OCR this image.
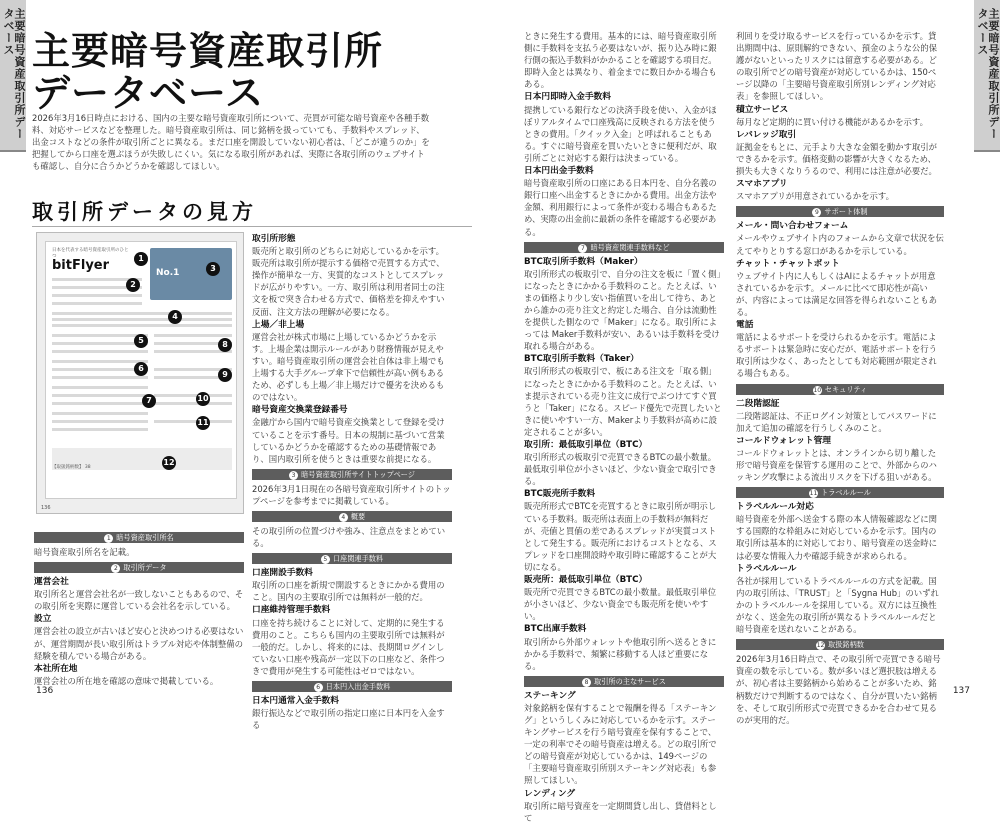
主要暗号資産取引所データベース	主要暗号資産取引所データベース
主要暗号資産取引所
データベース
2026年3月16日時点における、国内の主要な暗号資産取引所について、売買が可能な暗号資産や各種手数料、対応サービスなどを整理した。暗号資産取引所は、同じ銘柄を扱っていても、手数料やスプレッド、出金コストなどの条件が取引所ごとに異なる。まだ口座を開設していない初心者は、「どこが違うのか」を把握してから口座を選ぶほうが失敗しにくい。気になる取引所があれば、実際に各取引所のウェブサイトも確認し、自分に合うかどうかを確認してほしい。
取引所データの見方
日本を代表する暗号資産取引所のひとつ
bitFlyer	No.1
【取扱銘柄数】 38
1
2
3
4
5
6
7
8
9
10
11
12
136
1 暗号資産取引所名

暗号資産取引所名を記載。

2 取引所データ
運営会社

取引所名と運営会社名が一致しないこともあるので、その取引所を実際に運営している会社名を示している。

設立

運営会社の設立が古いほど安心と決めつける必要はないが、運営期間が長い取引所はトラブル対応や体制整備の経験を積んでいる場合がある。

本社所在地

運営会社の所在地を確認の意味で掲載している。

取引所形態

販売所と取引所のどちらに対応しているかを示す。販売所は取引所が提示する価格で売買する方式で、操作が簡単な一方、実質的なコストとしてスプレッドが広がりやすい。一方、取引所は利用者同士の注文を板で突き合わせる方式で、価格差を抑えやすい反面、注文方法の理解が必要になる。

上場／非上場

運営会社が株式市場に上場しているかどうかを示す。上場企業は開示ルールがあり財務情報が見えやすい。暗号資産取引所の運営会社自体は非上場でも上場する大手グループ傘下で信頼性が高い例もあるため、必ずしも上場／非上場だけで優劣を決めるものではない。

暗号資産交換業登録番号

金融庁から国内で暗号資産交換業として登録を受けていることを示す番号。日本の規制に基づいて営業しているかどうかを確認するための基礎情報であり、国内取引所を使うときは重要な前提になる。

3 暗号資産取引所サイトトップページ

2026年3月1日現在の各暗号資産取引所サイトのトップページを参考までに掲載している。

4 概要

その取引所の位置づけや強み、注意点をまとめている。

5 口座関連手数料
口座開設手数料

取引所の口座を新規で開設するときにかかる費用のこと。国内の主要取引所では無料が一般的だ。

口座維持管理手数料

口座を持ち続けることに対して、定期的に発生する費用のこと。こちらも国内の主要取引所では無料が一般的だ。しかし、将来的には、長期間ログインしていない口座や残高が一定以下の口座など、条件つきで費用が発生する可能性はゼロではない。

6 日本円入出金手数料
日本円通常入金手数料

銀行振込などで取引所の指定口座に日本円を入金する

136

ときに発生する費用。基本的には、暗号資産取引所側に手数料を支払う必要はないが、振り込み時に銀行側の振込手数料がかかることを確認する項目だ。即時入金とは異なり、着金までに数日かかる場合もある。

日本円即時入金手数料

提携している銀行などの決済手段を使い、入金がほぼリアルタイムで口座残高に反映される方法を使うときの費用。「クイック入金」と呼ばれることもある。すぐに暗号資産を買いたいときに便利だが、取引所ごとに対応する銀行は決まっている。

日本円出金手数料

暗号資産取引所の口座にある日本円を、自分名義の銀行口座へ出金するときにかかる費用。出金方法や金額、利用銀行によって条件が変わる場合もあるため、実際の出金前に最新の条件を確認する必要がある。

7 暗号資産関連手数料など
BTC取引所手数料（Maker）

取引所形式の板取引で、自分の注文を板に「置く側」になったときにかかる手数料のこと。たとえば、いまの価格より少し安い指値買いを出して待ち、あとから誰かの売り注文と約定した場合、自分は流動性を提供した側なので「Maker」になる。取引所によっては Maker手数料が安い、あるいは手数料を受け取れる場合がある。

BTC取引所手数料（Taker）

取引所形式の板取引で、板にある注文を「取る側」になったときにかかる手数料のこと。たとえば、いま提示されている売り注文に成行でぶつけてすぐ買うと「Taker」になる。スピード優先で売買したいときに使いやすい一方、Makerより手数料が高めに設定されることが多い。

取引所：最低取引単位（BTC）

取引所形式の板取引で売買できるBTCの最小数量。最低取引単位が小さいほど、少ない資金で取引できる。

BTC販売所手数料

販売所形式でBTCを売買するときに取引所が明示している手数料。販売所は表面上の手数料が無料だが、売値と買値の差であるスプレッドが実質コストとして発生する。販売所におけるコストとなる、スプレッドを口座開設時や取引時に確認することが大切になる。

販売所：最低取引単位（BTC）

販売所で売買できるBTCの最小数量。最低取引単位が小さいほど、少ない資金でも販売所を使いやすい。

BTC出庫手数料

取引所から外部ウォレットや他取引所へ送るときにかかる手数料で、頻繁に移動する人ほど重要になる。

8 取引所の主なサービス
ステーキング

対象銘柄を保有することで報酬を得る「ステーキング」というしくみに対応しているかを示す。ステーキングサービスを行う暗号資産を保有することで、一定の利率でその暗号資産は増える。どの取引所でどの暗号資産が対応しているかは、149ページの「主要暗号資産取引所別ステーキング対応表」も参照してほしい。

レンディング

取引所に暗号資産を一定期間貸し出し、貸借料として

利回りを受け取るサービスを行っているかを示す。貸出期間中は、原則解約できない、預金のような公的保護がないといったリスクには留意する必要がある。どの取引所でどの暗号資産が対応しているかは、150ページ以降の「主要暗号資産取引所別レンディング対応表」を参照してほしい。

積立サービス

毎月など定期的に買い付ける機能があるかを示す。

レバレッジ取引

証拠金をもとに、元手より大きな金額を動かす取引ができるかを示す。価格変動の影響が大きくなるため、損失も大きくなりうるので、利用には注意が必要だ。

スマホアプリ

スマホアプリが用意されているかを示す。

9 サポート体制
メール・問い合わせフォーム

メールやウェブサイト内のフォームから文章で状況を伝えてやりとりする窓口があるかを示している。

チャット・チャットボット

ウェブサイト内に人もしくはAIによるチャットが用意されているかを示す。メールに比べて即応性が高いが、内容によっては満足な回答を得られないこともある。

電話

電話によるサポートを受けられるかを示す。電話によるサポートは緊急時に安心だが、電話サポートを行う取引所は少なく、あったとしても対応範囲が限定される場合もある。

10 セキュリティ
二段階認証

二段階認証は、不正ログイン対策としてパスワードに加えて追加の確認を行うしくみのこと。

コールドウォレット管理

コールドウォレットとは、オンラインから切り離した形で暗号資産を保管する運用のことで、外部からのハッキング攻撃による流出リスクを下げる狙いがある。

11 トラベルルール
トラベルルール対応

暗号資産を外部へ送金する際の本人情報確認などに関する国際的な枠組みに対応しているかを示す。国内の取引所は基本的に対応しており、暗号資産の送金時には必要な情報入力や確認手続きが求められる。

トラベルルール

各社が採用しているトラベルルールの方式を記載。国内の取引所は、「TRUST」と「Sygna Hub」のいずれかのトラベルルールを採用している。双方には互換性がなく、送金先の取引所が異なるトラベルルールだと暗号資産を送れないことがある。

12 取扱銘柄数

2026年3月16日時点で、その取引所で売買できる暗号資産の数を示している。数が多いほど選択肢は増えるが、初心者は主要銘柄から始めることが多いため、銘柄数だけで判断するのではなく、自分が買いたい銘柄を、そして取引所形式で売買できるかを合わせて見るのが実用的だ。

137
